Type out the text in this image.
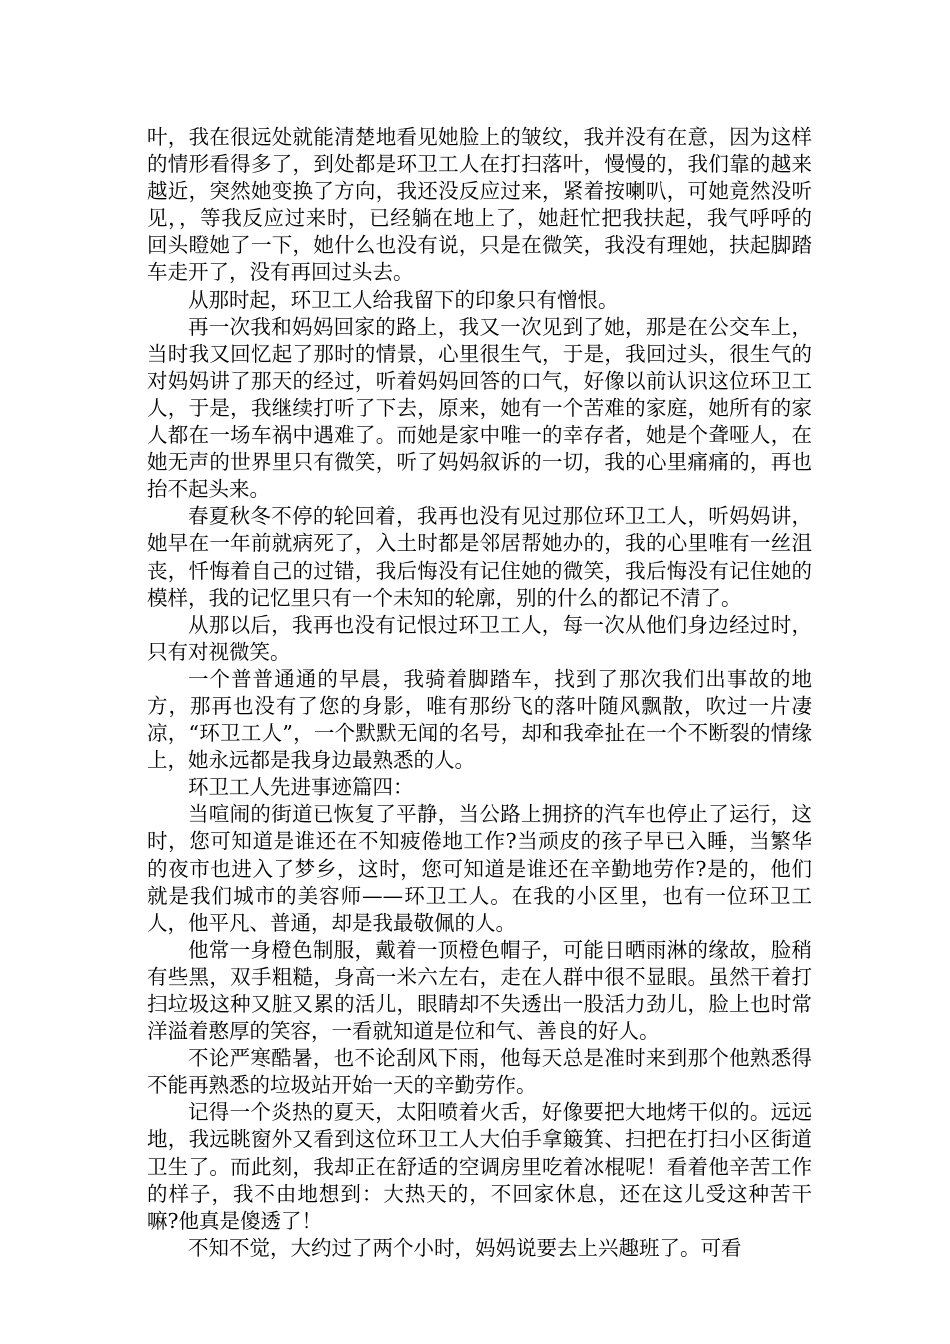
叶，我在很远处就能清楚地看见她脸上的皱纹，我并没有在意，因为这样的情形看得多了，到处都是环卫工人在打扫落叶，慢慢的，我们靠的越来越近，突然她变换了方向，我还没反应过来，紧着按喇叭，可她竟然没听见，，等我反应过来时，已经躺在地上了，她赶忙把我扶起，我气呼呼的回头瞪她了一下，她什么也没有说，只是在微笑，我没有理她，扶起脚踏车走开了，没有再回过头去。

从那时起，环卫工人给我留下的印象只有憎恨。

再一次我和妈妈回家的路上，我又一次见到了她，那是在公交车上，当时我又回忆起了那时的情景，心里很生气，于是，我回过头，很生气的对妈妈讲了那天的经过，听着妈妈回答的口气，好像以前认识这位环卫工人，于是，我继续打听了下去，原来，她有一个苦难的家庭，她所有的家人都在一场车祸中遇难了。而她是家中唯一的幸存者，她是个聋哑人，在她无声的世界里只有微笑，听了妈妈叙诉的一切，我的心里痛痛的，再也抬不起头来。

春夏秋冬不停的轮回着，我再也没有见过那位环卫工人，听妈妈讲，她早在一年前就病死了，入土时都是邻居帮她办的，我的心里唯有一丝沮丧，忏悔着自己的过错，我后悔没有记住她的微笑，我后悔没有记住她的模样，我的记忆里只有一个未知的轮廓，别的什么的都记不清了。

从那以后，我再也没有记恨过环卫工人，每一次从他们身边经过时，只有对视微笑。

一个普普通通的早晨，我骑着脚踏车，找到了那次我们出事故的地方，那再也没有了您的身影，唯有那纷飞的落叶随风飘散，吹过一片凄凉，“环卫工人”，一个默默无闻的名号，却和我牵扯在一个不断裂的情缘上，她永远都是我身边最熟悉的人。

环卫工人先进事迹篇四：

当喧闹的街道已恢复了平静，当公路上拥挤的汽车也停止了运行，这时，您可知道是谁还在不知疲倦地工作?当顽皮的孩子早已入睡，当繁华的夜市也进入了梦乡，这时，您可知道是谁还在辛勤地劳作?是的，他们就是我们城市的美容师——环卫工人。在我的小区里，也有一位环卫工人，他平凡、普通，却是我最敬佩的人。

他常一身橙色制服，戴着一顶橙色帽子，可能日晒雨淋的缘故，脸稍有些黑，双手粗糙，身高一米六左右，走在人群中很不显眼。虽然干着打扫垃圾这种又脏又累的活儿，眼睛却不失透出一股活力劲儿，脸上也时常洋溢着憨厚的笑容，一看就知道是位和气、善良的好人。

不论严寒酷暑，也不论刮风下雨，他每天总是准时来到那个他熟悉得不能再熟悉的垃圾站开始一天的辛勤劳作。

记得一个炎热的夏天，太阳喷着火舌，好像要把大地烤干似的。远远地，我远眺窗外又看到这位环卫工人大伯手拿簸箕、扫把在打扫小区街道卫生了。而此刻，我却正在舒适的空调房里吃着冰棍呢！看着他辛苦工作的样子，我不由地想到：大热天的，不回家休息，还在这儿受这种苦干嘛?他真是傻透了！

不知不觉，大约过了两个小时，妈妈说要去上兴趣班了。可看
